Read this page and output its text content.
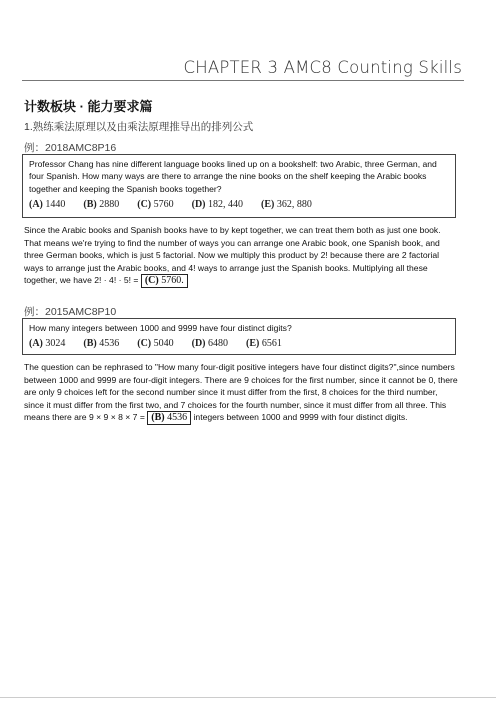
CHAPTER 3 AMC8 Counting Skills
计数板块 · 能力要求篇
1.熟练乘法原理以及由乘法原理推导出的排列公式
例：2018AMC8P16
Professor Chang has nine different language books lined up on a bookshelf: two Arabic, three German, and four Spanish. How many ways are there to arrange the nine books on the shelf keeping the Arabic books together and keeping the Spanish books together?
(A) 1440 (B) 2880 (C) 5760 (D) 182, 440 (E) 362, 880
Since the Arabic books and Spanish books have to by kept together, we can treat them both as just one book. That means we're trying to find the number of ways you can arrange one Arabic book, one Spanish book, and three German books, which is just 5 factorial. Now we multiply this product by 2! because there are 2 factorial ways to arrange just the Arabic books, and 4! ways to arrange just the Spanish books. Multiplying all these together, we have 2! · 4! · 5! = (C) 5760.
例：2015AMC8P10
How many integers between 1000 and 9999 have four distinct digits?
(A) 3024 (B) 4536 (C) 5040 (D) 6480 (E) 6561
The question can be rephrased to "How many four-digit positive integers have four distinct digits?",since numbers between 1000 and 9999 are four-digit integers. There are 9 choices for the first number, since it cannot be 0, there are only 9 choices left for the second number since it must differ from the first, 8 choices for the third number, since it must differ from the first two, and 7 choices for the fourth number, since it must differ from all three. This means there are 9 × 9 × 8 × 7 = (B) 4536 integers between 1000 and 9999 with four distinct digits.
